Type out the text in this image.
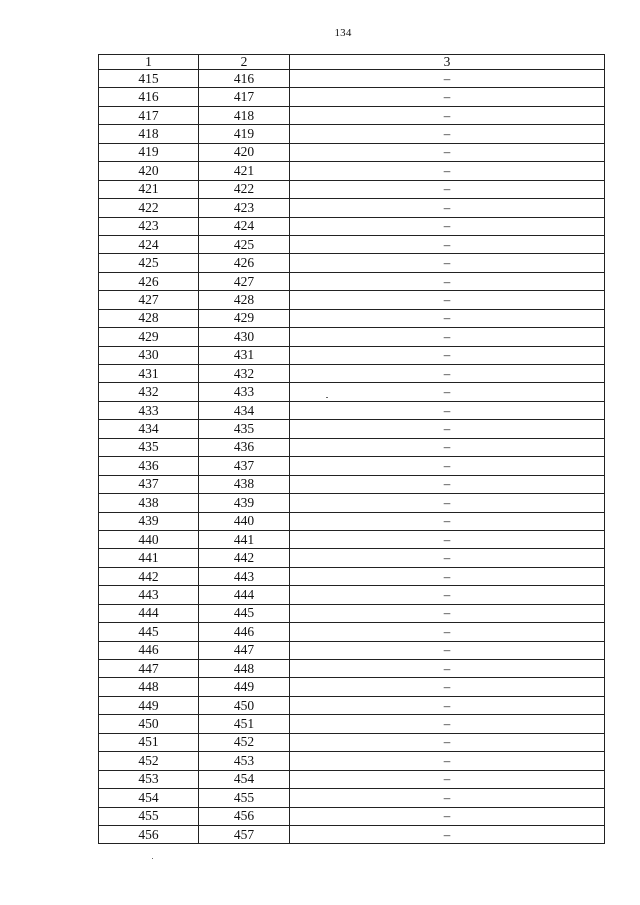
134
1	2	3
415	416	–
416	417	–
417	418	–
418	419	–
419	420	–
420	421	–
421	422	–
422	423	–
423	424	–
424	425	–
425	426	–
426	427	–
427	428	–
428	429	–
429	430	–
430	431	–
431	432	–
432	433	–
433	434	–
434	435	–
435	436	–
436	437	–
437	438	–
438	439	–
439	440	–
440	441	–
441	442	–
442	443	–
443	444	–
444	445	–
445	446	–
446	447	–
447	448	–
448	449	–
449	450	–
450	451	–
451	452	–
452	453	–
453	454	–
454	455	–
455	456	–
456	457	–
